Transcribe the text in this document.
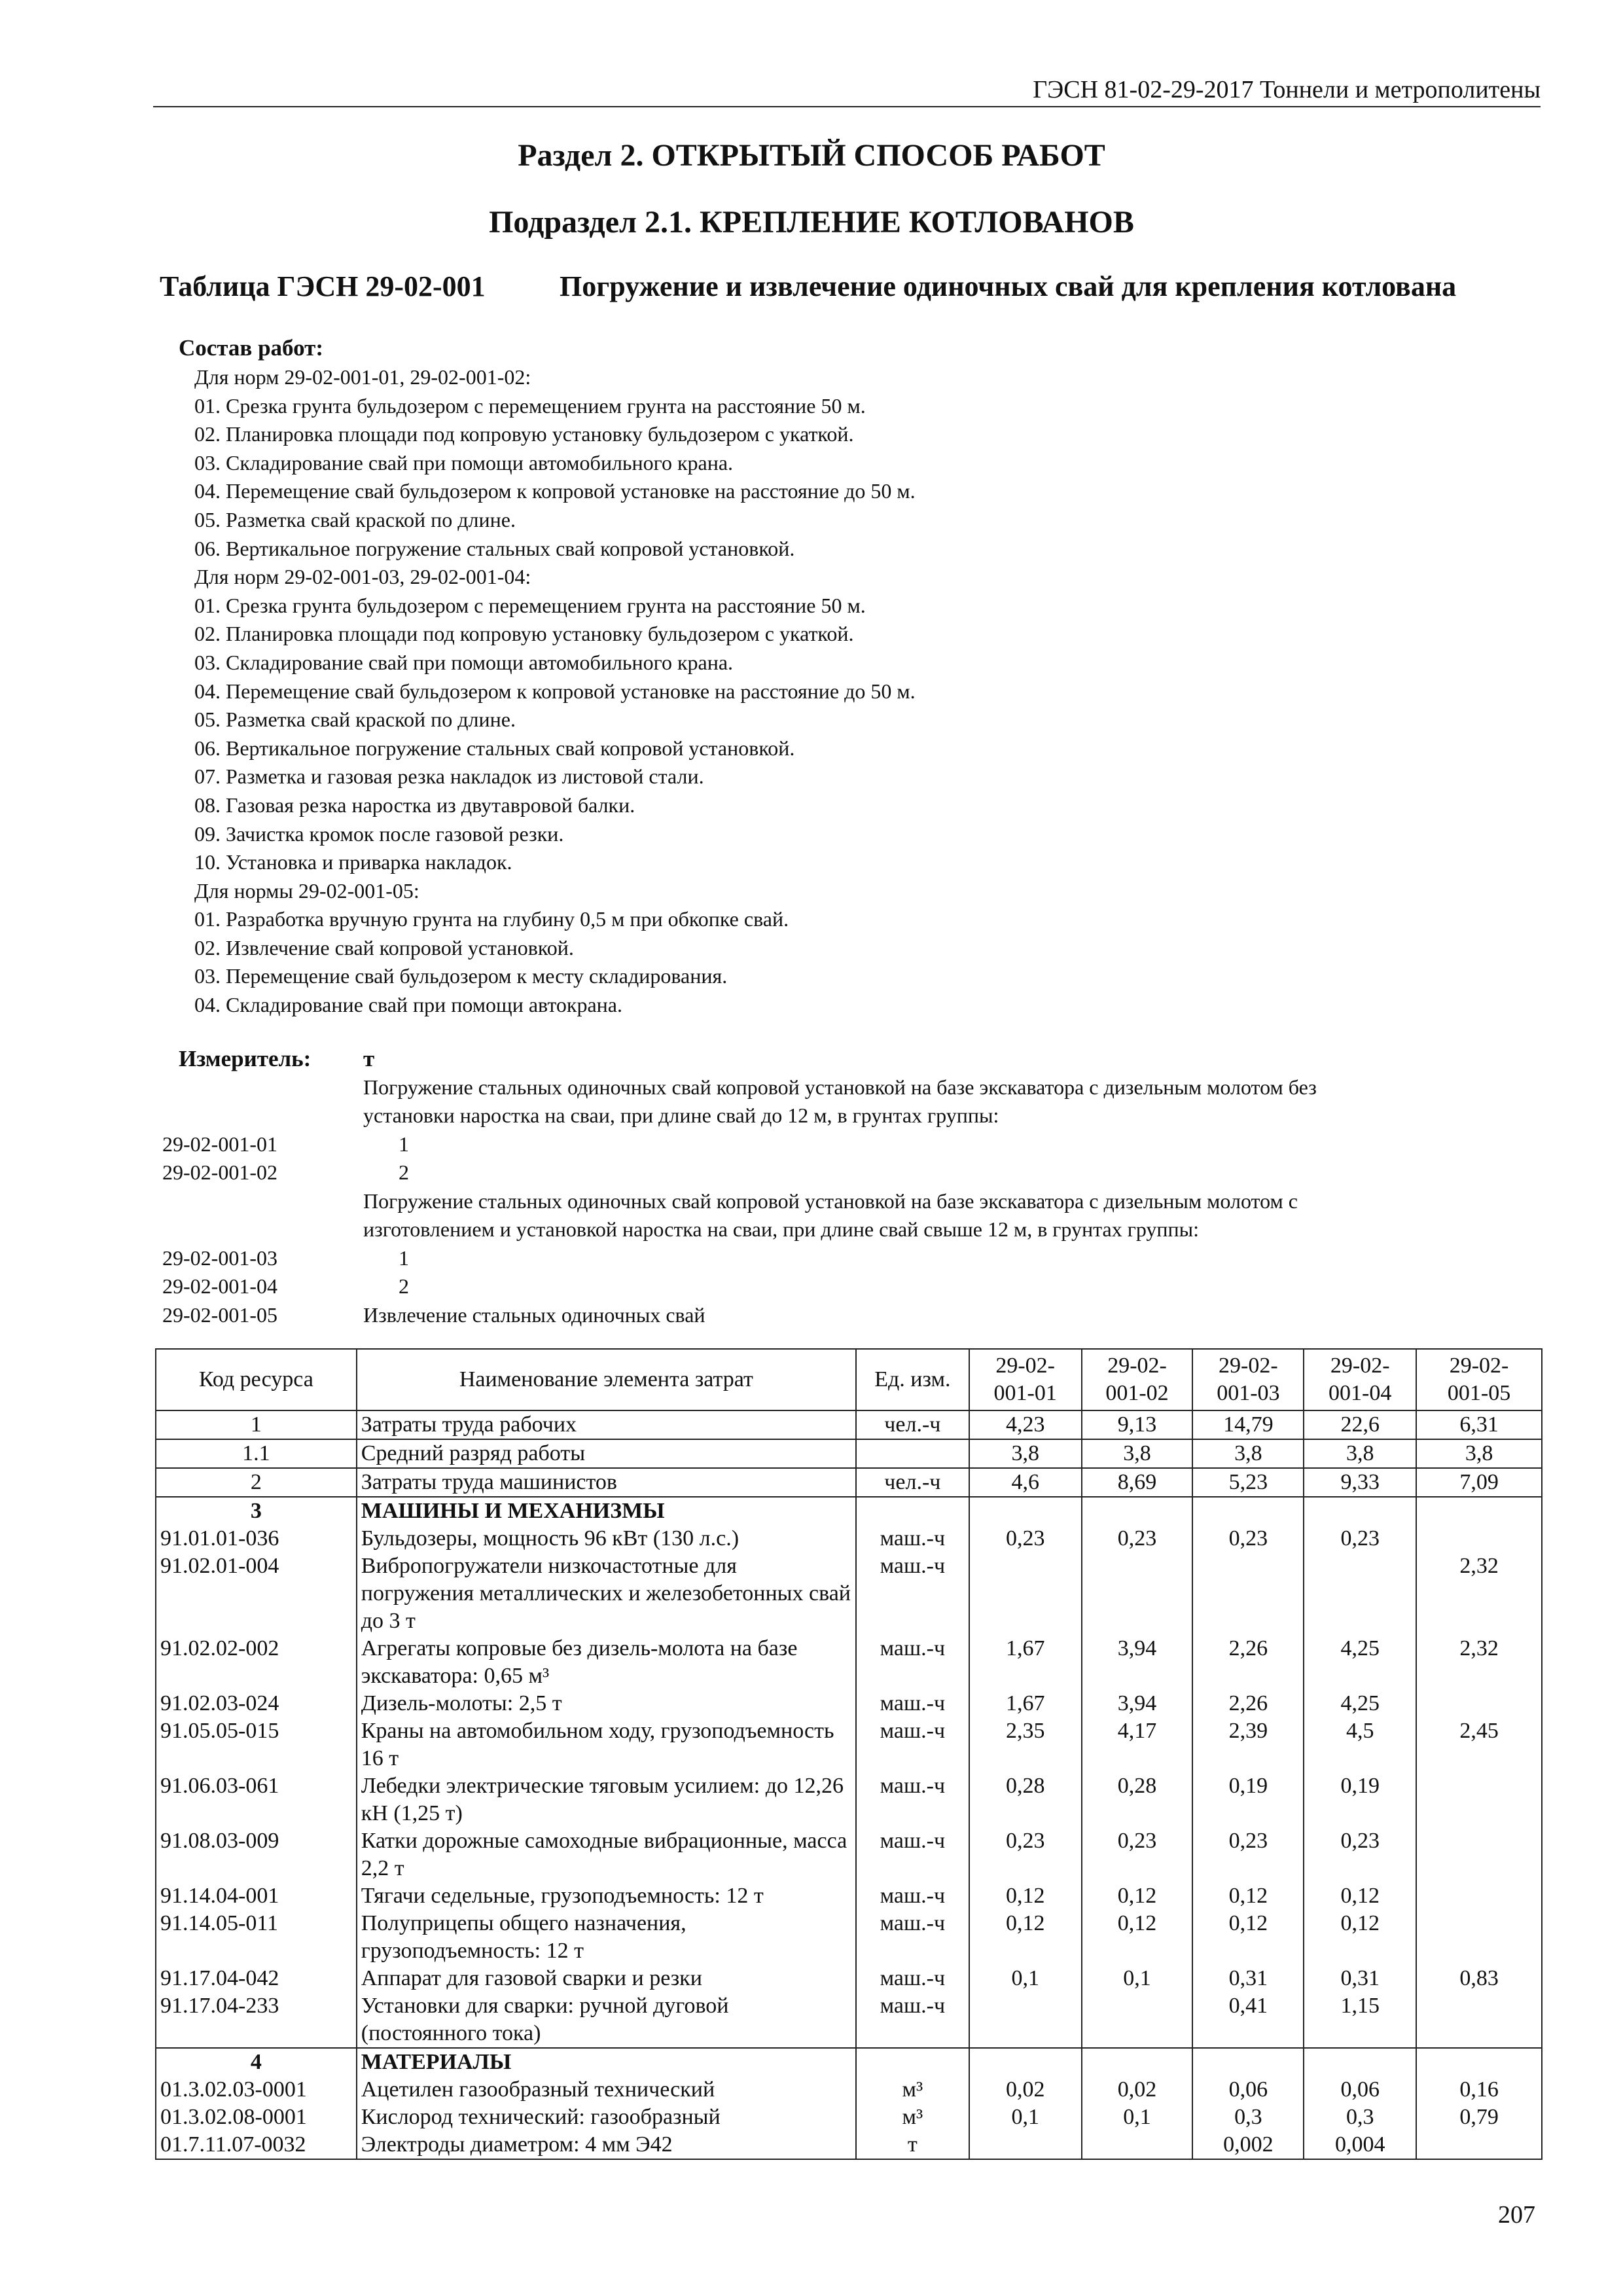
ГЭСН 81-02-29-2017 Тоннели и метрополитены
Раздел 2. ОТКРЫТЫЙ СПОСОБ РАБОТ
Подраздел 2.1. КРЕПЛЕНИЕ КОТЛОВАНОВ
Таблица ГЭСН 29-02-001	Погружение и извлечение одиночных свай для крепления котлована
Состав работ:
Для норм 29-02-001-01, 29-02-001-02:
01. Срезка грунта бульдозером с перемещением грунта на расстояние 50 м.
02. Планировка площади под копровую установку бульдозером с укаткой.
03. Складирование свай при помощи автомобильного крана.
04. Перемещение свай бульдозером к копровой установке на расстояние до 50 м.
05. Разметка свай краской по длине.
06. Вертикальное погружение стальных свай копровой установкой.
Для норм 29-02-001-03, 29-02-001-04:
01. Срезка грунта бульдозером с перемещением грунта на расстояние 50 м.
02. Планировка площади под копровую установку бульдозером с укаткой.
03. Складирование свай при помощи автомобильного крана.
04. Перемещение свай бульдозером к копровой установке на расстояние до 50 м.
05. Разметка свай краской по длине.
06. Вертикальное погружение стальных свай копровой установкой.
07. Разметка и газовая резка накладок из листовой стали.
08. Газовая резка наростка из двутавровой балки.
09. Зачистка кромок после газовой резки.
10. Установка и приварка накладок.
Для нормы 29-02-001-05:
01. Разработка вручную грунта на глубину 0,5 м при обкопке свай.
02. Извлечение свай копровой установкой.
03. Перемещение свай бульдозером к месту складирования.
04. Складирование свай при помощи автокрана.
Измеритель: т
Погружение стальных одиночных свай копровой установкой на базе экскаватора с дизельным молотом без
установки наростка на сваи, при длине свай до 12 м, в грунтах группы:
29-02-001-01	1
29-02-001-02	2
Погружение стальных одиночных свай копровой установкой на базе экскаватора с дизельным молотом с
изготовлением и установкой наростка на сваи, при длине свай свыше 12 м, в грунтах группы:
29-02-001-03	1
29-02-001-04	2
29-02-001-05	Извлечение стальных одиночных свай
Код ресурса	Наименование элемента затрат	Ед. изм.	29-02-
001-01	29-02-
001-02	29-02-
001-03	29-02-
001-04	29-02-
001-05
1	Затраты труда рабочих	чел.-ч	4,23	9,13	14,79	22,6	6,31
1.1	Средний разряд работы		3,8	3,8	3,8	3,8	3,8
2	Затраты труда машинистов	чел.-ч	4,6	8,69	5,23	9,33	7,09
3	МАШИНЫ И МЕХАНИЗМЫ						
91.01.01-036	Бульдозеры, мощность 96 кВт (130 л.с.)	маш.-ч	0,23	0,23	0,23	0,23	
91.02.01-004	Вибропогружатели низкочастотные для погружения металлических и железобетонных свай до 3 т	маш.-ч					2,32
91.02.02-002	Агрегаты копровые без дизель-молота на базе экскаватора: 0,65 м³	маш.-ч	1,67	3,94	2,26	4,25	2,32
91.02.03-024	Дизель-молоты: 2,5 т	маш.-ч	1,67	3,94	2,26	4,25	
91.05.05-015	Краны на автомобильном ходу, грузоподъемность 16 т	маш.-ч	2,35	4,17	2,39	4,5	2,45
91.06.03-061	Лебедки электрические тяговым усилием: до 12,26 кН (1,25 т)	маш.-ч	0,28	0,28	0,19	0,19	
91.08.03-009	Катки дорожные самоходные вибрационные, масса 2,2 т	маш.-ч	0,23	0,23	0,23	0,23	
91.14.04-001	Тягачи седельные, грузоподъемность: 12 т	маш.-ч	0,12	0,12	0,12	0,12	
91.14.05-011	Полуприцепы общего назначения, грузоподъемность: 12 т	маш.-ч	0,12	0,12	0,12	0,12	
91.17.04-042	Аппарат для газовой сварки и резки	маш.-ч	0,1	0,1	0,31	0,31	0,83
91.17.04-233	Установки для сварки: ручной дуговой (постоянного тока)	маш.-ч			0,41	1,15	
4	МАТЕРИАЛЫ						
01.3.02.03-0001	Ацетилен газообразный технический	м³	0,02	0,02	0,06	0,06	0,16
01.3.02.08-0001	Кислород технический: газообразный	м³	0,1	0,1	0,3	0,3	0,79
01.7.11.07-0032	Электроды диаметром: 4 мм Э42	т			0,002	0,004	
207
